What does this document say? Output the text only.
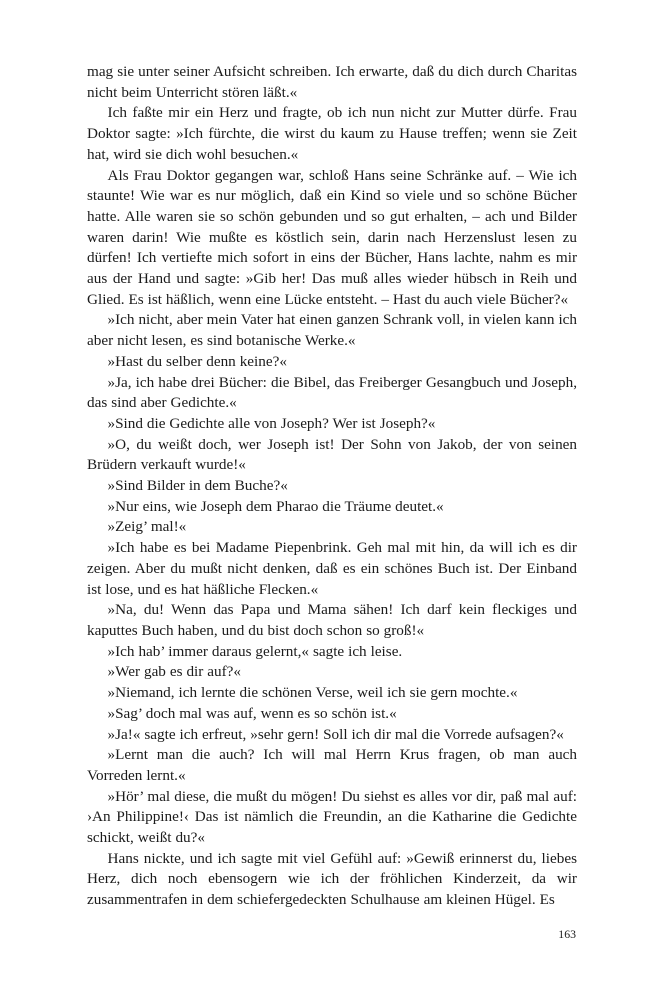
mag sie unter seiner Aufsicht schreiben. Ich erwarte, daß du dich durch Charitas nicht beim Unterricht stören läßt.«

Ich faßte mir ein Herz und fragte, ob ich nun nicht zur Mutter dürfe. Frau Doktor sagte: »Ich fürchte, die wirst du kaum zu Hause treffen; wenn sie Zeit hat, wird sie dich wohl besuchen.«

Als Frau Doktor gegangen war, schloß Hans seine Schränke auf. – Wie ich staunte! Wie war es nur möglich, daß ein Kind so viele und so schöne Bücher hatte. Alle waren sie so schön gebunden und so gut erhalten, – ach und Bilder waren darin! Wie mußte es köstlich sein, darin nach Herzenslust lesen zu dürfen! Ich vertiefte mich sofort in eins der Bücher, Hans lachte, nahm es mir aus der Hand und sagte: »Gib her! Das muß alles wieder hübsch in Reih und Glied. Es ist häßlich, wenn eine Lücke entsteht. – Hast du auch viele Bücher?«

»Ich nicht, aber mein Vater hat einen ganzen Schrank voll, in vielen kann ich aber nicht lesen, es sind botanische Werke.«

»Hast du selber denn keine?«

»Ja, ich habe drei Bücher: die Bibel, das Freiberger Gesangbuch und Joseph, das sind aber Gedichte.«

»Sind die Gedichte alle von Joseph? Wer ist Joseph?«

»O, du weißt doch, wer Joseph ist! Der Sohn von Jakob, der von seinen Brüdern verkauft wurde!«

»Sind Bilder in dem Buche?«

»Nur eins, wie Joseph dem Pharao die Träume deutet.«

»Zeig’ mal!«

»Ich habe es bei Madame Piepenbrink. Geh mal mit hin, da will ich es dir zeigen. Aber du mußt nicht denken, daß es ein schönes Buch ist. Der Einband ist lose, und es hat häßliche Flecken.«

»Na, du! Wenn das Papa und Mama sähen! Ich darf kein fleckiges und kaputtes Buch haben, und du bist doch schon so groß!«

»Ich hab’ immer daraus gelernt,« sagte ich leise.

»Wer gab es dir auf?«

»Niemand, ich lernte die schönen Verse, weil ich sie gern mochte.«

»Sag’ doch mal was auf, wenn es so schön ist.«

»Ja!« sagte ich erfreut, »sehr gern! Soll ich dir mal die Vorrede aufsagen?«

»Lernt man die auch? Ich will mal Herrn Krus fragen, ob man auch Vorreden lernt.«

»Hör’ mal diese, die mußt du mögen! Du siehst es alles vor dir, paß mal auf: ›An Philippine!‹ Das ist nämlich die Freundin, an die Katharine die Gedichte schickt, weißt du?«

Hans nickte, und ich sagte mit viel Gefühl auf: »Gewiß erinnerst du, liebes Herz, dich noch ebensogern wie ich der fröhlichen Kinderzeit, da wir zusammentrafen in dem schiefergedeckten Schulhause am kleinen Hügel. Es

163
